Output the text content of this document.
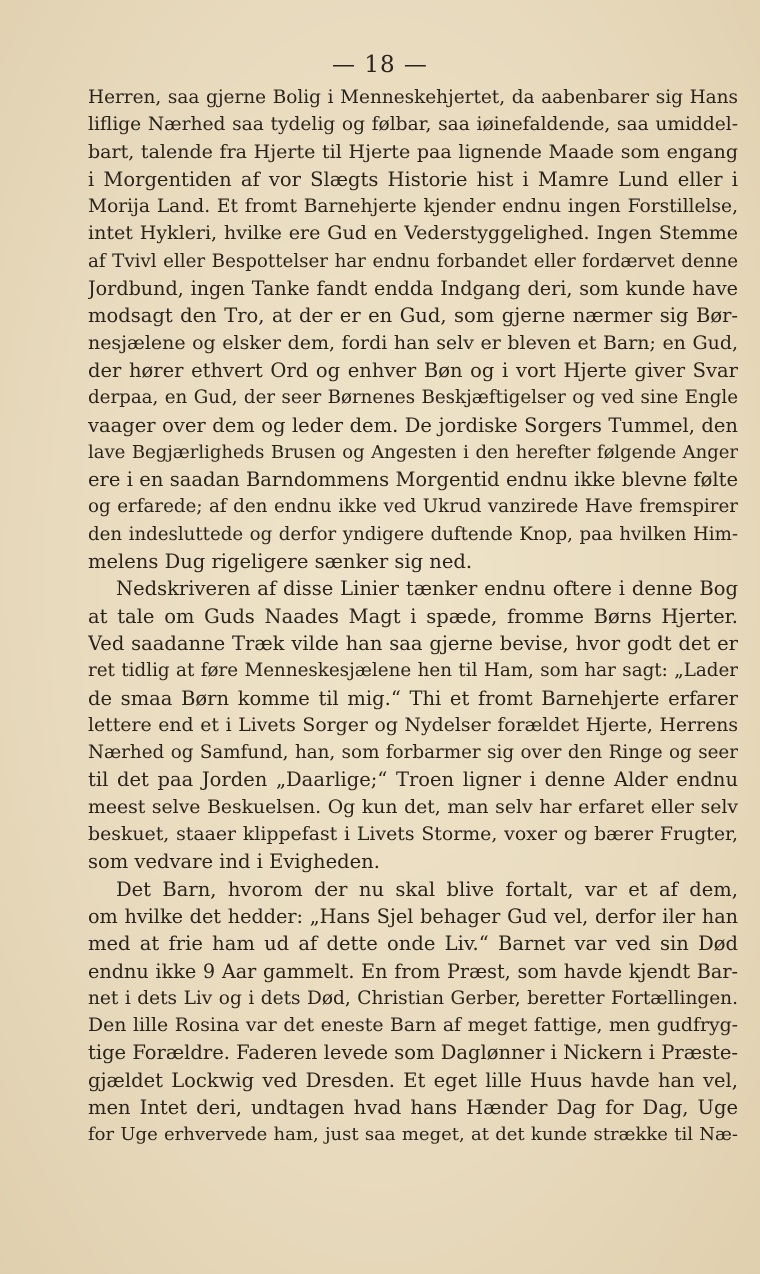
— 18 —
Herren, saa gjerne Bolig i Menneskehjertet, da aabenbarer sig Hans
liflige Nærhed saa tydelig og følbar, saa iøinefaldende, saa umiddel-
bart, talende fra Hjerte til Hjerte paa lignende Maade som engang
i Morgentiden af vor Slægts Historie hist i Mamre Lund eller i
Morija Land. Et fromt Barnehjerte kjender endnu ingen Forstillelse,
intet Hykleri, hvilke ere Gud en Vederstyggelighed. Ingen Stemme
af Tvivl eller Bespottelser har endnu forbandet eller fordærvet denne
Jordbund, ingen Tanke fandt endda Indgang deri, som kunde have
modsagt den Tro, at der er en Gud, som gjerne nærmer sig Bør-
nesjælene og elsker dem, fordi han selv er bleven et Barn; en Gud,
der hører ethvert Ord og enhver Bøn og i vort Hjerte giver Svar
derpaa, en Gud, der seer Børnenes Beskjæftigelser og ved sine Engle
vaager over dem og leder dem. De jordiske Sorgers Tummel, den
lave Begjærligheds Brusen og Angesten i den herefter følgende Anger
ere i en saadan Barndommens Morgentid endnu ikke blevne følte
og erfarede; af den endnu ikke ved Ukrud vanzirede Have fremspirer
den indesluttede og derfor yndigere duftende Knop, paa hvilken Him-
melens Dug rigeligere sænker sig ned.
Nedskriveren af disse Linier tænker endnu oftere i denne Bog
at tale om Guds Naades Magt i spæde, fromme Børns Hjerter.
Ved saadanne Træk vilde han saa gjerne bevise, hvor godt det er
ret tidlig at føre Menneskesjælene hen til Ham, som har sagt: „Lader
de smaa Børn komme til mig.“ Thi et fromt Barnehjerte erfarer
lettere end et i Livets Sorger og Nydelser forældet Hjerte, Herrens
Nærhed og Samfund, han, som forbarmer sig over den Ringe og seer
til det paa Jorden „Daarlige;“ Troen ligner i denne Alder endnu
meest selve Beskuelsen. Og kun det, man selv har erfaret eller selv
beskuet, staaer klippefast i Livets Storme, voxer og bærer Frugter,
som vedvare ind i Evigheden.
Det Barn, hvorom der nu skal blive fortalt, var et af dem,
om hvilke det hedder: „Hans Sjel behager Gud vel, derfor iler han
med at frie ham ud af dette onde Liv.“ Barnet var ved sin Død
endnu ikke 9 Aar gammelt. En from Præst, som havde kjendt Bar-
net i dets Liv og i dets Død, Christian Gerber, beretter Fortællingen.
Den lille Rosina var det eneste Barn af meget fattige, men gudfryg-
tige Forældre. Faderen levede som Daglønner i Nickern i Præste-
gjældet Lockwig ved Dresden. Et eget lille Huus havde han vel,
men Intet deri, undtagen hvad hans Hænder Dag for Dag, Uge
for Uge erhvervede ham, just saa meget, at det kunde strække til Næ-
